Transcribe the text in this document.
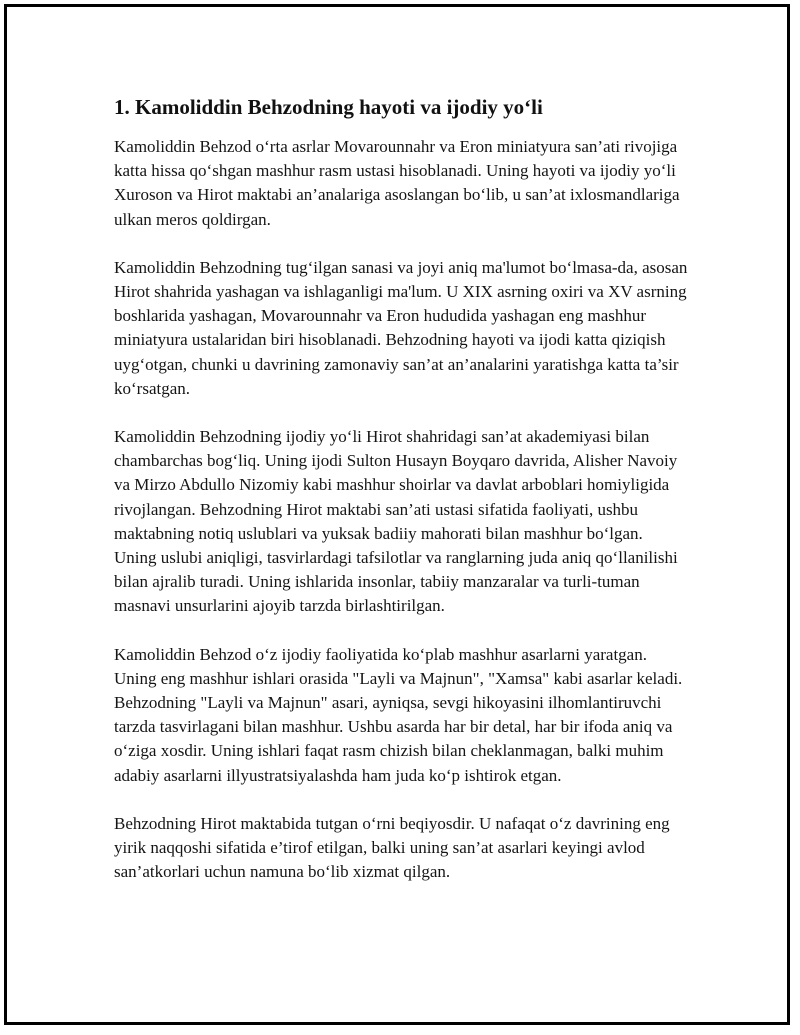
1. Kamoliddin Behzodning hayoti va ijodiy yo‘li

Kamoliddin Behzod o‘rta asrlar Movarounnahr va Eron miniatyura san’ati rivojiga katta hissa qo‘shgan mashhur rasm ustasi hisoblanadi. Uning hayoti va ijodiy yo‘li Xuroson va Hirot maktabi an’analariga asoslangan bo‘lib, u san’at ixlosmandlariga ulkan meros qoldirgan.

Kamoliddin Behzodning tug‘ilgan sanasi va joyi aniq ma'lumot bo‘lmasa-da, asosan Hirot shahrida yashagan va ishlaganligi ma'lum. U XIX asrning oxiri va XV asrning boshlarida yashagan, Movarounnahr va Eron hududida yashagan eng mashhur miniatyura ustalaridan biri hisoblanadi. Behzodning hayoti va ijodi katta qiziqish uyg‘otgan, chunki u davrining zamonaviy san’at an’analarini yaratishga katta ta’sir ko‘rsatgan.

Kamoliddin Behzodning ijodiy yo‘li Hirot shahridagi san’at akademiyasi bilan chambarchas bog‘liq. Uning ijodi Sulton Husayn Boyqaro davrida, Alisher Navoiy va Mirzo Abdullo Nizomiy kabi mashhur shoirlar va davlat arboblari homiyligida rivojlangan. Behzodning Hirot maktabi san’ati ustasi sifatida faoliyati, ushbu maktabning notiq uslublari va yuksak badiiy mahorati bilan mashhur bo‘lgan. Uning uslubi aniqligi, tasvirlardagi tafsilotlar va ranglarning juda aniq qo‘llanilishi bilan ajralib turadi. Uning ishlarida insonlar, tabiiy manzaralar va turli-tuman masnavi unsurlarini ajoyib tarzda birlashtirilgan.

Kamoliddin Behzod o‘z ijodiy faoliyatida ko‘plab mashhur asarlarni yaratgan. Uning eng mashhur ishlari orasida "Layli va Majnun", "Xamsa" kabi asarlar keladi. Behzodning "Layli va Majnun" asari, ayniqsa, sevgi hikoyasini ilhomlantiruvchi tarzda tasvirlagani bilan mashhur. Ushbu asarda har bir detal, har bir ifoda aniq va o‘ziga xosdir. Uning ishlari faqat rasm chizish bilan cheklanmagan, balki muhim adabiy asarlarni illyustratsiyalashda ham juda ko‘p ishtirok etgan.

Behzodning Hirot maktabida tutgan o‘rni beqiyosdir. U nafaqat o‘z davrining eng yirik naqqoshi sifatida e’tirof etilgan, balki uning san’at asarlari keyingi avlod san’atkorlari uchun namuna bo‘lib xizmat qilgan.
